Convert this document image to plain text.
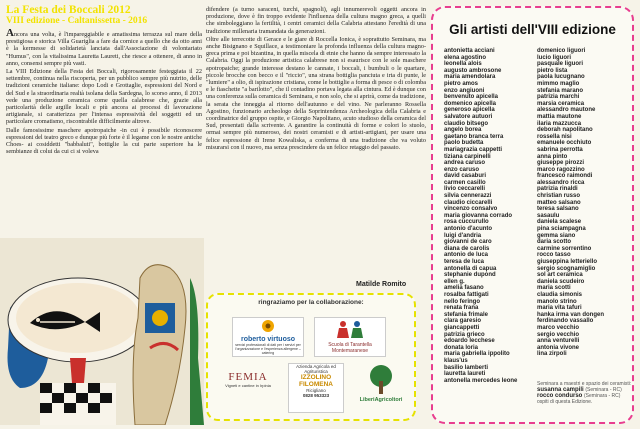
La Festa dei Boccali 2012
VIII edizione - Caltanissetta - 2016

Ancora una volta, è l'impareggiabile e amatissima terrazza sul mare della prestigiosa e storica Villa Guariglia a fare da cornice a quello che da otto anni è la kermesse di solidarietà lanciata dall'Associazione di volontariato "Humus", con la vitalissima Lauretta Laureti, che riesce a ottenere, di anno in anno, consensi sempre più vasti.

La VIII Edizione della Festa dei Boccali, rigorosamente festeggiata il 22 settembre, continua nella riscoperta, per un pubblico sempre più nutrito, delle tradizioni ceramiche italiane: dopo Lodi e Grottaglie, espressioni del Nord e del Sud e la straordinaria realtà isolana della Sardegna, lo scorso anno, il 2013 vede una produzione ceramica come quella calabrese che, grazie alla particolarità delle argille locali e più ancora ai processi di lavorazione artigianale, si caratterizza per l'intensa espressività del soggetti ed un particolare cromatismo, riscontrabile difficilmente altrove.

Dalle famosissime maschere apotropaiche -in cui è possibile riconoscere espressioni del teatro greco e dunque più forte è il legame con le nostre antiche Choes- ai cosiddetti "babbaluti", bottiglie la cui parte superiore ha le sembianze di colui da cui ci si voleva

difendere (a turno saraceni, turchi, spagnoli), agli innumerevoli oggetti ancora in produzione, dove è fin troppo evidente l'influenza della cultura magno greca, a quelli che simboleggiano la fertilità, i centri ceramici della Calabria attestano l'eredità di una tradizione millenaria tramandata da generazioni.

Oltre alle terrecotte di Gerace e le giare di Roccella Ionica, è soprattutto Seminara, ma anche Bisignano e Squillace, a testimoniare la profonda influenza della cultura magno-greca prima e poi bizantina, in quella miscela di etnie che hanno da sempre interessato la Calabria. Oggi la produzione artistica calabrese non si esaurisce con le sole maschere apotropaiche; grande interesse destano le cannate, i boccali, i bumbuli o le quartare, piccole brocche con becco e il "riccio", una strana bottiglia panciuta e irta di punte, le "lumiere" a olio, di ispirazione cristiana, come le bottiglie a forma di pesce o di colomba e le fiaschette "a barilotto", che il contadino portava legata alla cintura. Ed è dunque con una conferenza sulla ceramica di Seminara, e non solo, che si aprirà, come da tradizione, la serata che inneggia al ritorno dell'autunno e del vino. Ne parleranno Rossella Agostino, funzionario archeologo della Soprintendenza Archeologica della Calabria e coordinatrice del gruppo ospite, e Giorgio Napolitano, acuto studioso della ceramica del Sud, presentati dalla scrivente. A garantire la continuità di forme e colori lo stuolo, ormai sempre più numeroso, dei nostri ceramisti e di artisti-artigiani, per usare una felice espressione di Irene Kowaliska, a conferma di una tradizione che va voluto misurarsi con il nuovo, ma senza prescindere da un felice retaggio del passato.

Matilde Romito
ringraziamo per la collaborazione:
roberto virtuoso
servizi professionali di dati per i servizi per l'organizzazione e l'esperienza allergene – catering
Scuola di Tarantella Montemaranese
FEMIA
Vigneti e cantine in Irpinia
Azienda Agricola ed Agrituristica
IZZOLINO FILOMENA
Ricigliano
0828 953323
LiberiAgricoltori
Gli artisti dell'VIII edizione
antonietta acciani
elena agostino
leonella alois
augusto ambrosone
maria amendolara
pietro amos
enzo angiuoni
benvenuto apicella
domenico apicella
generoso apicella
salvatore autuori
claudio bitsego
angelo borea
gaetano branca terra
paolo budetta
mariagrazia cappetti
tiziana carpinelli
andrea caruso
enzo caruso
david casaburi
carmen casillo
livio ceccarelli
silvia cennerazzi
claudio ciccarelli
vincenzo consalvo
maria giovanna corrado
rosa cuccurullo
antonio d'acunto
luigi d'andria
giovanni de caro
diana de carolis
antonio de luca
teresa de luca
antonella di capua
stephanie dupond
ellen g.
amelia fasano
rosalba fattigati
nello feringo
renata frana
stefania frimale
clara garesio
giancappetti
patrizia grieco
edoardo lecchese
donata loria
maria gabriella ippolito
klaus'us
basilio lamberti
lauretta laureti
antonella mercedes leone
domenico liguori
lucio liguori
pasquale liguori
pietro lista
paola lucugnano
mimmo maglio
stefania marano
patrizia marchi
marsia ceramica
alessandro mautone
mattia mautone
ilaria mazzucca
deborah napolitano
rossella nisi
emanuele occhiuto
sabrina perrotta
anna pinto
giuseppe pirozzi
marco ragozzino
francesco raimondi
alessandro ricca
patrizia rinaldi
christian russo
matteo salsano
teresa salsano
sasaulu
daniela scalese
pina sciampagna
gemma siano
daria scotto
carmine sorrentino
rocco tasso
giuseppina letteriello
sergio scognamiglio
sol art ceramica
daniela scudeiro
maria scotti
claudia simonis
manolo strino
maria vita tafuri
hanka irma van dongen
ferdinando vassallo
marco vecchio
sergio vecchio
anna venturelli
antonia vivone
lina zirpoli
Seminara a maestri e spazio dei ceramisti:
susanna campili (Seminara - RC)
rocco condurso (Seminara - RC)
ospiti di questa Edizione.
